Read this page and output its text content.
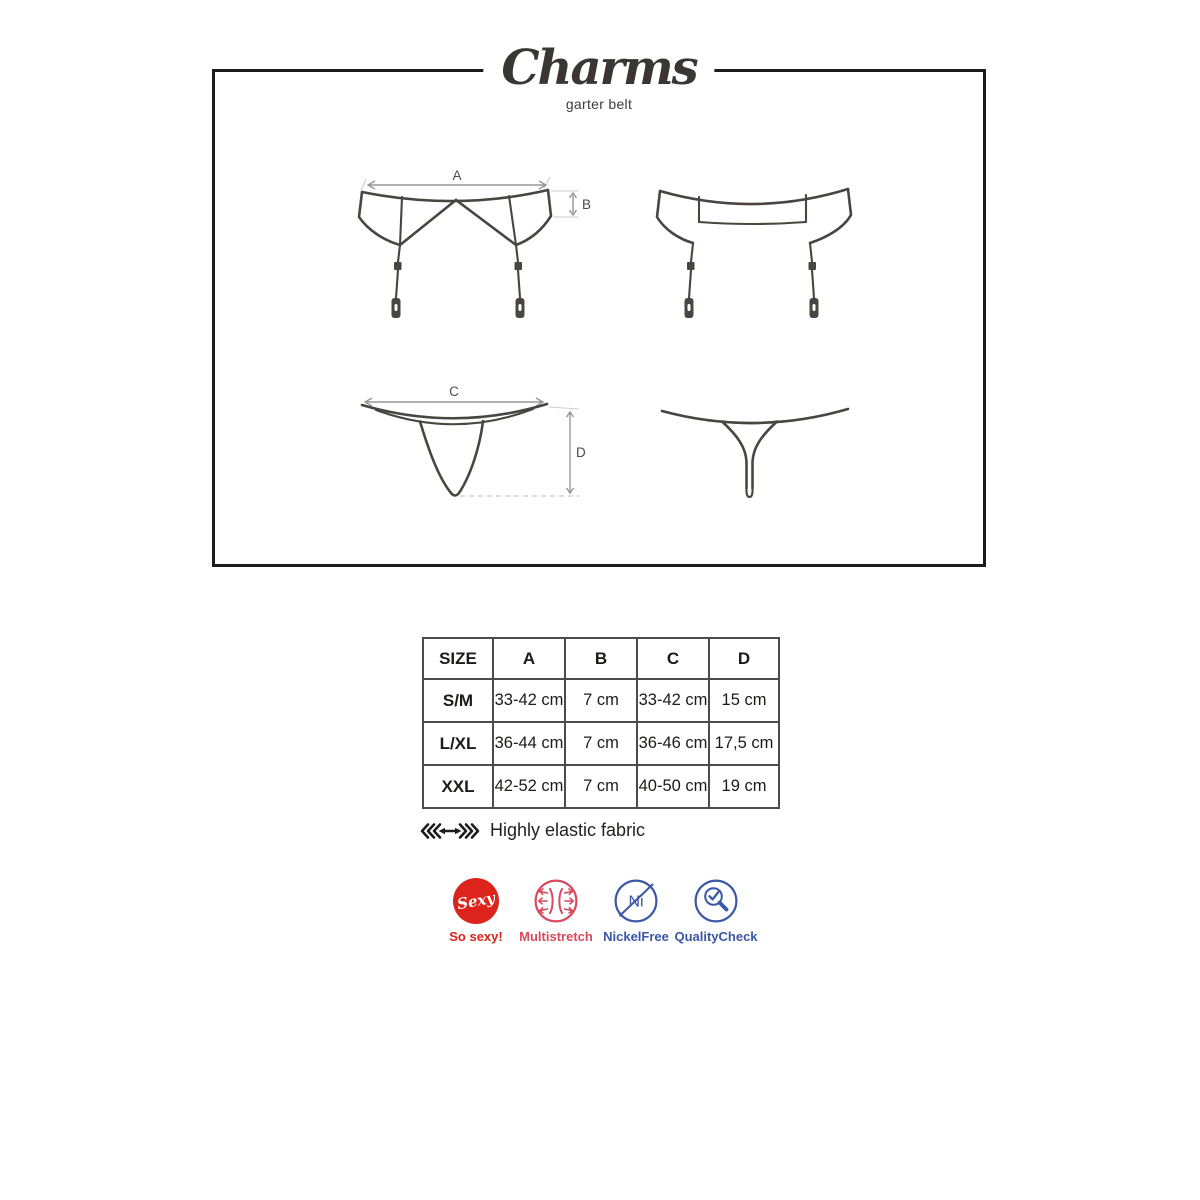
Charms
garter belt
A
B
C
D
SIZE	A	B	C	D
S/M	33-42 cm	7 cm	33-42 cm	15 cm
L/XL	36-44 cm	7 cm	36-46 cm	17,5 cm
XXL	42-52 cm	7 cm	40-50 cm	19 cm
Highly elastic fabric
Sexy
So sexy! Multistretch
Ni
NickelFree QualityCheck
